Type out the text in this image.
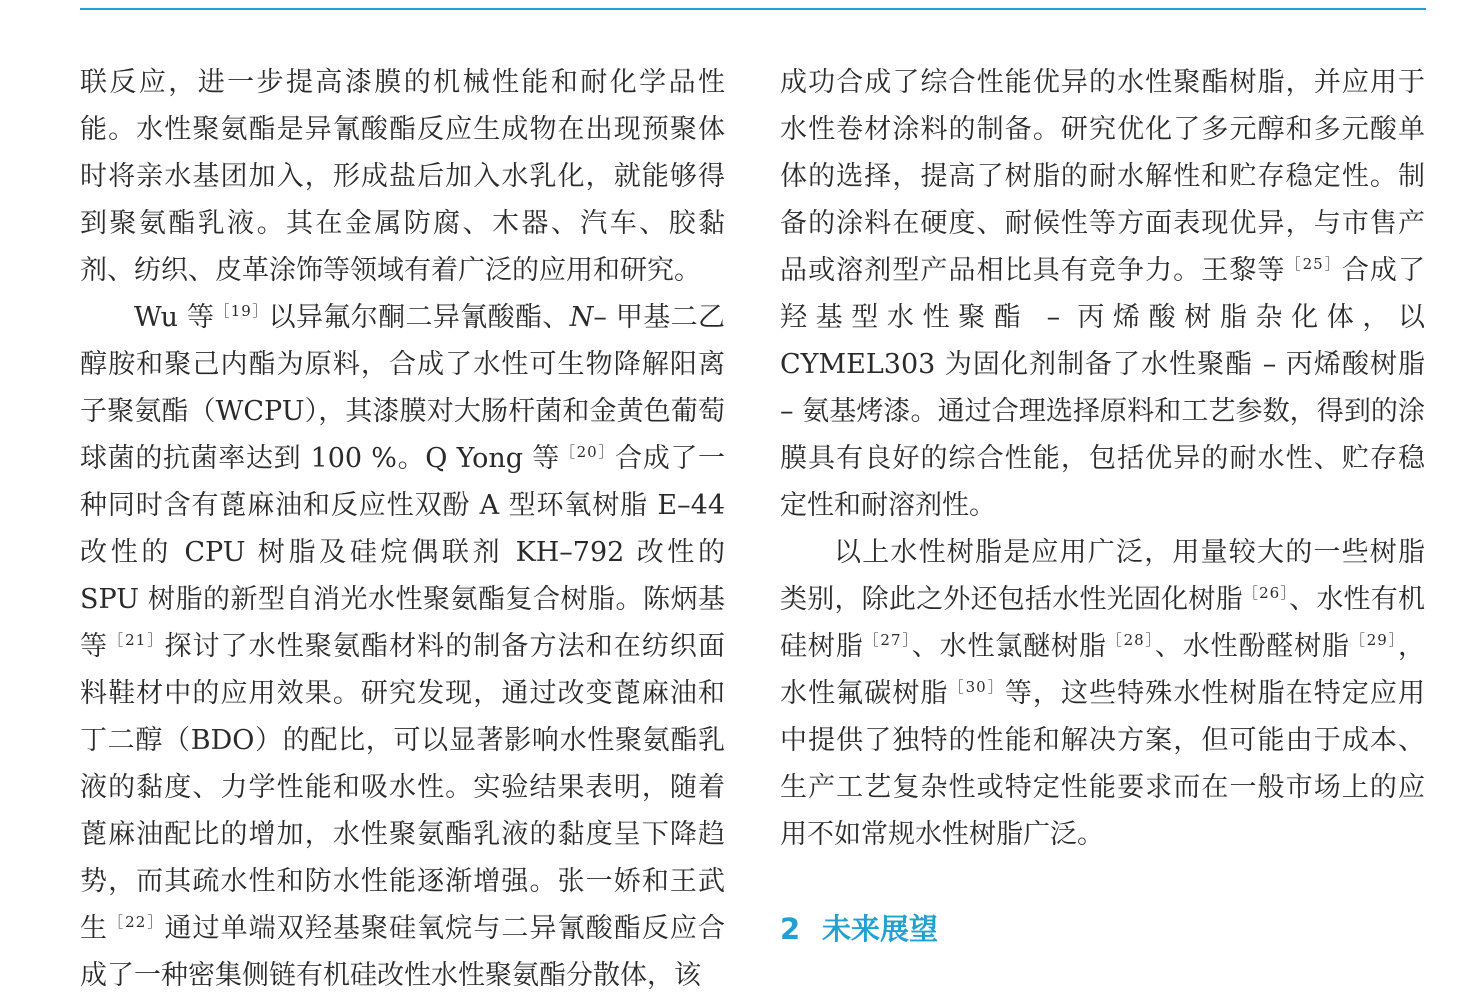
联反应，进一步提高漆膜的机械性能和耐化学品性能。水性聚氨酯是异氰酸酯反应生成物在出现预聚体时将亲水基团加入，形成盐后加入水乳化，就能够得到聚氨酯乳液。其在金属防腐、木器、汽车、胶黏剂、纺织、皮革涂饰等领域有着广泛的应用和研究。

Wu 等$^{[19]}$以异氟尔酮二异氰酸酯、N– 甲基二乙醇胺和聚己内酯为原料，合成了水性可生物降解阳离子聚氨酯（WCPU），其漆膜对大肠杆菌和金黄色葡萄球菌的抗菌率达到 100 %。Q Yong 等$^{[20]}$合成了一种同时含有蓖麻油和反应性双酚 A 型环氧树脂 E–44 改性的 CPU 树脂及硅烷偶联剂 KH–792 改性的 SPU 树脂的新型自消光水性聚氨酯复合树脂。陈炳基等$^{[21]}$探讨了水性聚氨酯材料的制备方法和在纺织面料鞋材中的应用效果。研究发现，通过改变蓖麻油和丁二醇（BDO）的配比，可以显著影响水性聚氨酯乳液的黏度、力学性能和吸水性。实验结果表明，随着蓖麻油配比的增加，水性聚氨酯乳液的黏度呈下降趋势，而其疏水性和防水性能逐渐增强。张一娇和王武生$^{[22]}$通过单端双羟基聚硅氧烷与二异氰酸酯反应合成了一种密集侧链有机硅改性水性聚氨酯分散体，该

成功合成了综合性能优异的水性聚酯树脂，并应用于水性卷材涂料的制备。研究优化了多元醇和多元酸单体的选择，提高了树脂的耐水解性和贮存稳定性。制备的涂料在硬度、耐候性等方面表现优异，与市售产品或溶剂型产品相比具有竞争力。王黎等$^{[25]}$合成了羟基型水性聚酯 – 丙烯酸树脂杂化体，以 CYMEL303 为固化剂制备了水性聚酯 – 丙烯酸树脂 – 氨基烤漆。通过合理选择原料和工艺参数，得到的涂膜具有良好的综合性能，包括优异的耐水性、贮存稳定性和耐溶剂性。

以上水性树脂是应用广泛，用量较大的一些树脂类别，除此之外还包括水性光固化树脂$^{[26]}$、水性有机硅树脂$^{[27]}$、水性氯醚树脂$^{[28]}$、水性酚醛树脂$^{[29]}$，水性氟碳树脂$^{[30]}$等，这些特殊水性树脂在特定应用中提供了独特的性能和解决方案，但可能由于成本、生产工艺复杂性或特定性能要求而在一般市场上的应用不如常规水性树脂广泛。

2 未来展望
